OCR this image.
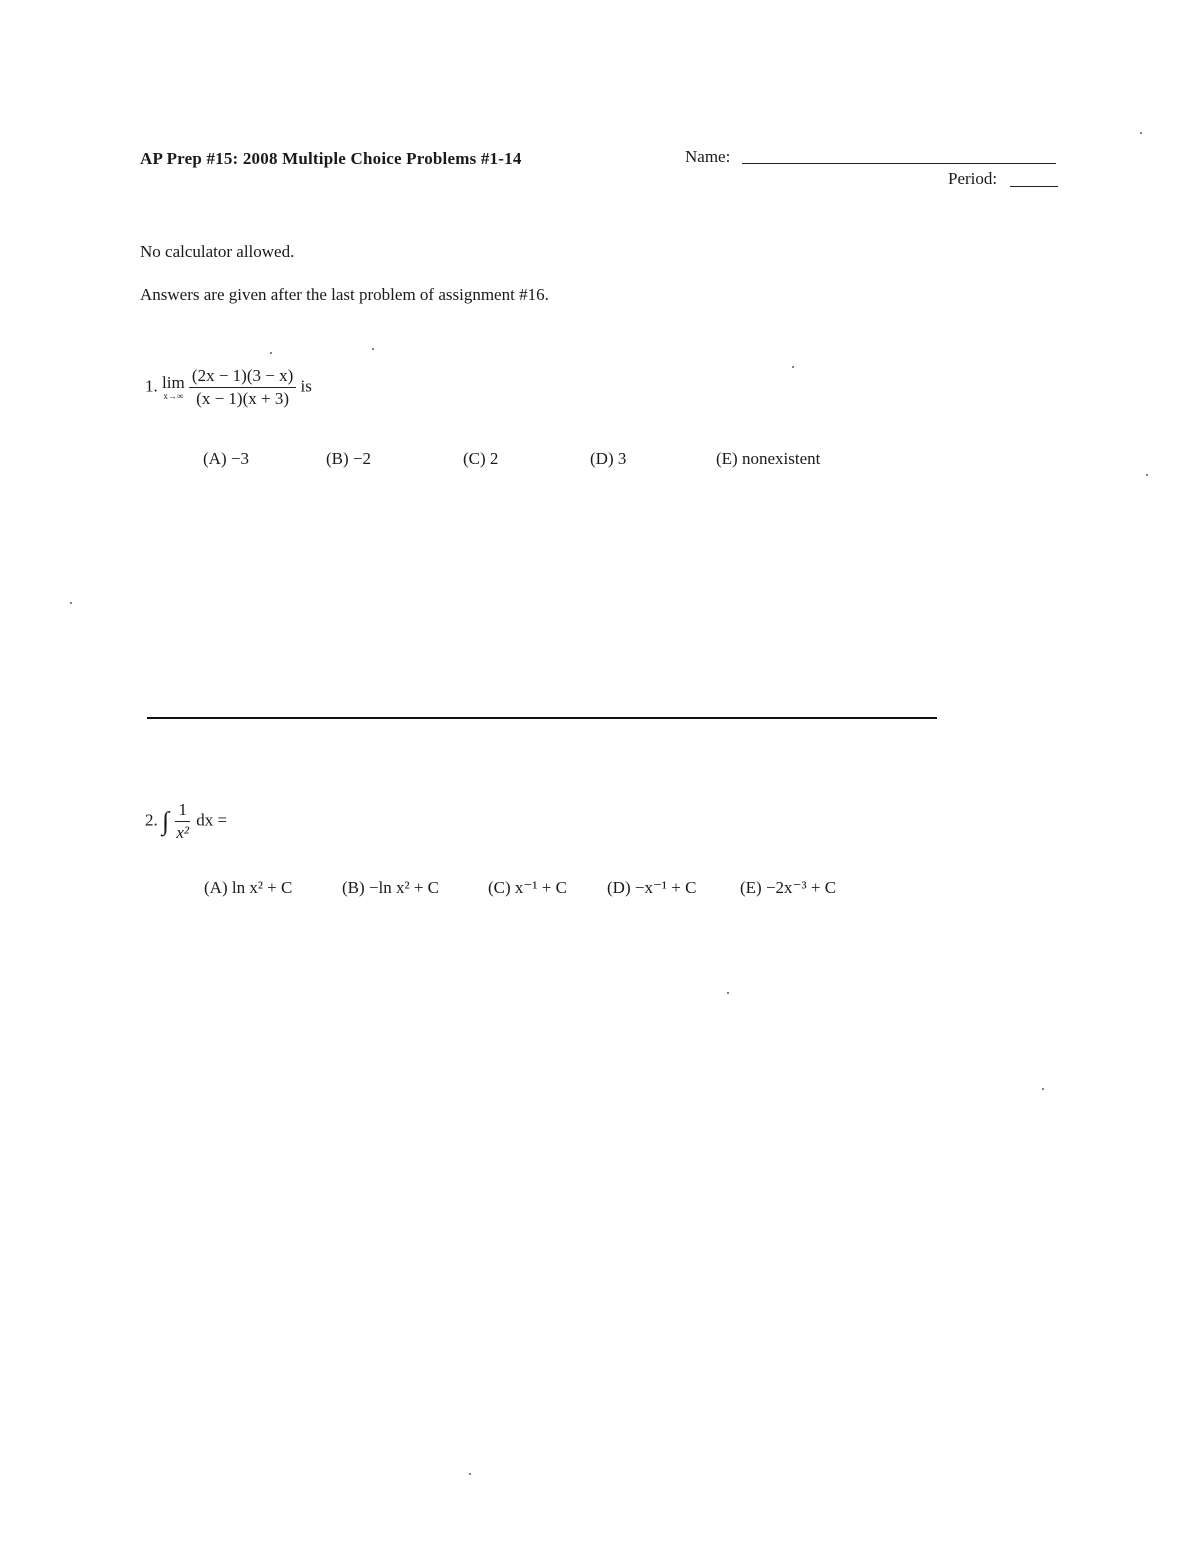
AP Prep #15: 2008 Multiple Choice Problems #1-14	Name:
Period:
No calculator allowed.
Answers are given after the last problem of assignment #16.
1. lim
x→∞
$\frac{(2x - 1)(3 - x)}{(x - 1)(x + 3)}$ is
(A) −3	(B) −2	(C) 2	(D) 3	(E) nonexistent
2. ∫ $\frac{1}{\text{x²}}$ dx =
(A) ln x² + C	(B) −ln x² + C	(C) x⁻¹ + C (D) −x⁻¹ + C	(E) −2x⁻³ + C
